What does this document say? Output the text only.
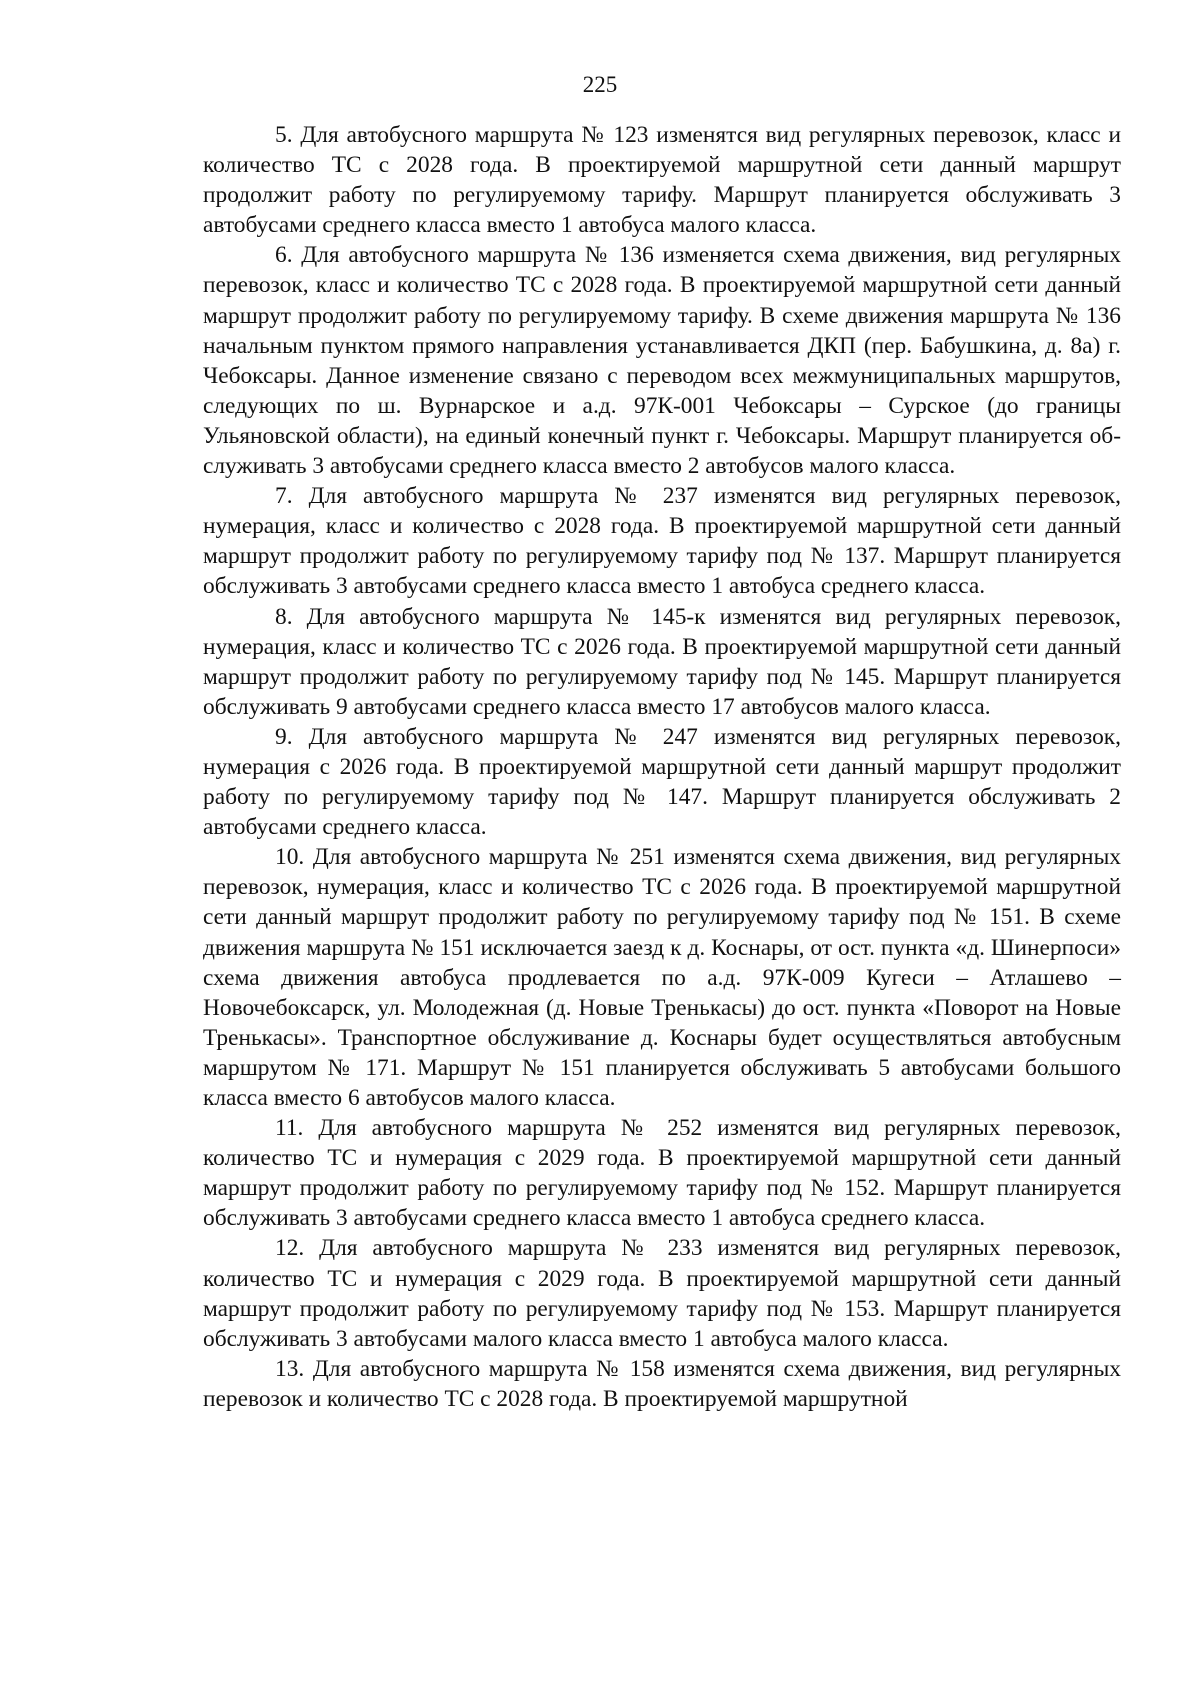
225

5. Для автобусного маршрута № 123 изменятся вид регулярных перевозок, класс и количество ТС с 2028 года. В проектируемой маршрутной сети данный маршрут продолжит работу по регулируемому тарифу. Маршрут планируется обслуживать 3 автобусами среднего класса вместо 1 автобуса малого класса.

6. Для автобусного маршрута № 136 изменяется схема движения, вид регулярных перевозок, класс и количество ТС с 2028 года. В проектируемой маршрутной сети данный маршрут продолжит работу по регулируемому тарифу. В схеме движения маршрута № 136 начальным пунктом прямого направления устанавливается ДКП (пер. Бабушкина, д. 8а) г. Чебоксары. Данное изменение связано с переводом всех межмуниципальных маршрутов, следующих по ш. Вурнарское и а.д. 97К-001 Чебоксары – Сурское (до границы Ульяновской области), на единый конечный пункт г. Чебоксары. Маршрут планируется обслуживать 3 автобусами среднего класса вместо 2 автобусов малого класса.

7. Для автобусного маршрута № 237 изменятся вид регулярных перевозок, нумерация, класс и количество с 2028 года. В проектируемой маршрутной сети данный маршрут продолжит работу по регулируемому тарифу под № 137. Маршрут планируется обслуживать 3 автобусами среднего класса вместо 1 автобуса среднего класса.

8. Для автобусного маршрута № 145-к изменятся вид регулярных перевозок, нумерация, класс и количество ТС с 2026 года. В проектируемой маршрутной сети данный маршрут продолжит работу по регулируемому тарифу под № 145. Маршрут планируется обслуживать 9 автобусами среднего класса вместо 17 автобусов малого класса.

9. Для автобусного маршрута № 247 изменятся вид регулярных перевозок, нумерация с 2026 года. В проектируемой маршрутной сети данный маршрут продолжит работу по регулируемому тарифу под № 147. Маршрут планируется обслуживать 2 автобусами среднего класса.

10. Для автобусного маршрута № 251 изменятся схема движения, вид регулярных перевозок, нумерация, класс и количество ТС с 2026 года. В проектируемой маршрутной сети данный маршрут продолжит работу по регулируемому тарифу под № 151. В схеме движения маршрута № 151 исключается заезд к д. Коснары, от ост. пункта «д. Шинерпоси» схема движения автобуса продлевается по а.д. 97К-009 Кугеси – Атлашево – Новочебоксарск, ул. Молодежная (д. Новые Тренькасы) до ост. пункта «Поворот на Новые Тренькасы». Транспортное обслуживание д. Коснары будет осуществляться автобусным маршрутом № 171. Маршрут № 151 планируется обслуживать 5 автобусами большого класса вместо 6 автобусов малого класса.

11. Для автобусного маршрута № 252 изменятся вид регулярных перевозок, количество ТС и нумерация с 2029 года. В проектируемой маршрутной сети данный маршрут продолжит работу по регулируемому тарифу под № 152. Маршрут планируется обслуживать 3 автобусами среднего класса вместо 1 автобуса среднего класса.

12. Для автобусного маршрута № 233 изменятся вид регулярных перевозок, количество ТС и нумерация с 2029 года. В проектируемой маршрутной сети данный маршрут продолжит работу по регулируемому тарифу под № 153. Маршрут планируется обслуживать 3 автобусами малого класса вместо 1 автобуса малого класса.

13. Для автобусного маршрута № 158 изменятся схема движения, вид регулярных перевозок и количество ТС с 2028 года. В проектируемой маршрутной
